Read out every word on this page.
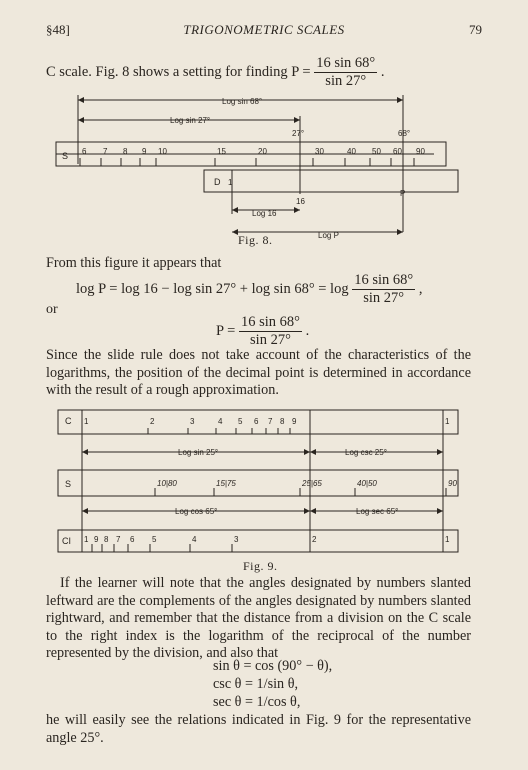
§48]	TRIGONOMETRIC SCALES	79
C scale. Fig. 8 shows a setting for finding $P = \frac{16 \sin 68^\circ}{\sin 27^\circ}$ .
Log sin 68°
Log sin 27°
27°	68°
S 6 7 8 9 10	15	20	30	40 50 60 90
D 1
16
P
Log 16
Log P
Fig. 8.
From this figure it appears that
$\log P = \log 16 - \log \sin 27^\circ + \log \sin 68^\circ = \log \frac{16 \sin 68^\circ}{\sin 27^\circ}$ ,
or
$P = \frac{16 \sin 68^\circ}{\sin 27^\circ}$ .
Since the slide rule does not take account of the characteristics of the logarithms, the position of the decimal point is determined in accordance with the result of a rough approximation.
C 1	2	3	4 5 6 7 8 9	1
Log sin 25°	Log csc 25°
S	10|80	15|75	25|65	40|50	90
Log cos 65°	Log sec 65°
CI 1 9 8 7 6 5	4	3	2	1
Fig. 9.
If the learner will note that the angles designated by numbers slanted leftward are the complements of the angles designated by numbers slanted rightward, and remember that the distance from a division on the C scale to the right index is the logarithm of the reciprocal of the number represented by the division, and also that
sin θ = cos (90° − θ),
csc θ = 1/sin θ,
sec θ = 1/cos θ,
he will easily see the relations indicated in Fig. 9 for the representative angle 25°.
